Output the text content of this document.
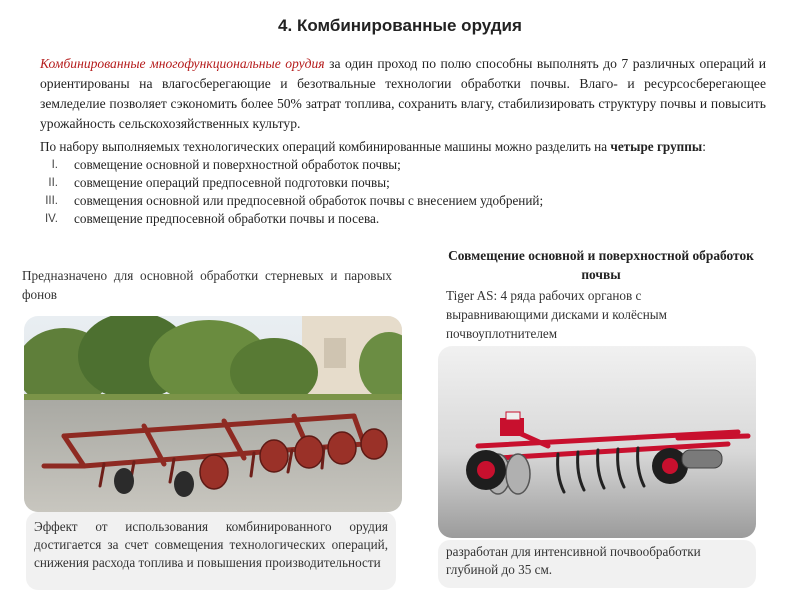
4. Комбинированные орудия
Комбинированные многофункциональные орудия за один проход по полю способны выполнять до 7 различных операций и ориентированы на влагосберегающие и безотвальные технологии обработки почвы. Влаго- и ресурсосберегающее земледелие позволяет сэкономить более 50% затрат топлива, сохранить влагу, стабилизировать структуру почвы и повысить урожайность сельскохозяйственных культур.
По набору выполняемых технологических операций комбинированные машины можно разделить на четыре группы:
I. совмещение основной и поверхностной обработок почвы;
II. совмещение операций предпосевной подготовки почвы;
III. совмещения основной или предпосевной обработок почвы с внесением удобрений;
IV. совмещение предпосевной обработки почвы и посева.
Предназначено для основной обработки стерневых и паровых фонов
Совмещение основной и поверхностной обработок почвы
Tiger AS: 4 ряда рабочих органов с выравнивающими дисками и колёсным почвоуплотнителем
Эффект от использования комбинированного орудия достигается за счет совмещения технологических операций, снижения расхода топлива и повышения производительности
разработан для интенсивной почвообработки глубиной до 35 см.
